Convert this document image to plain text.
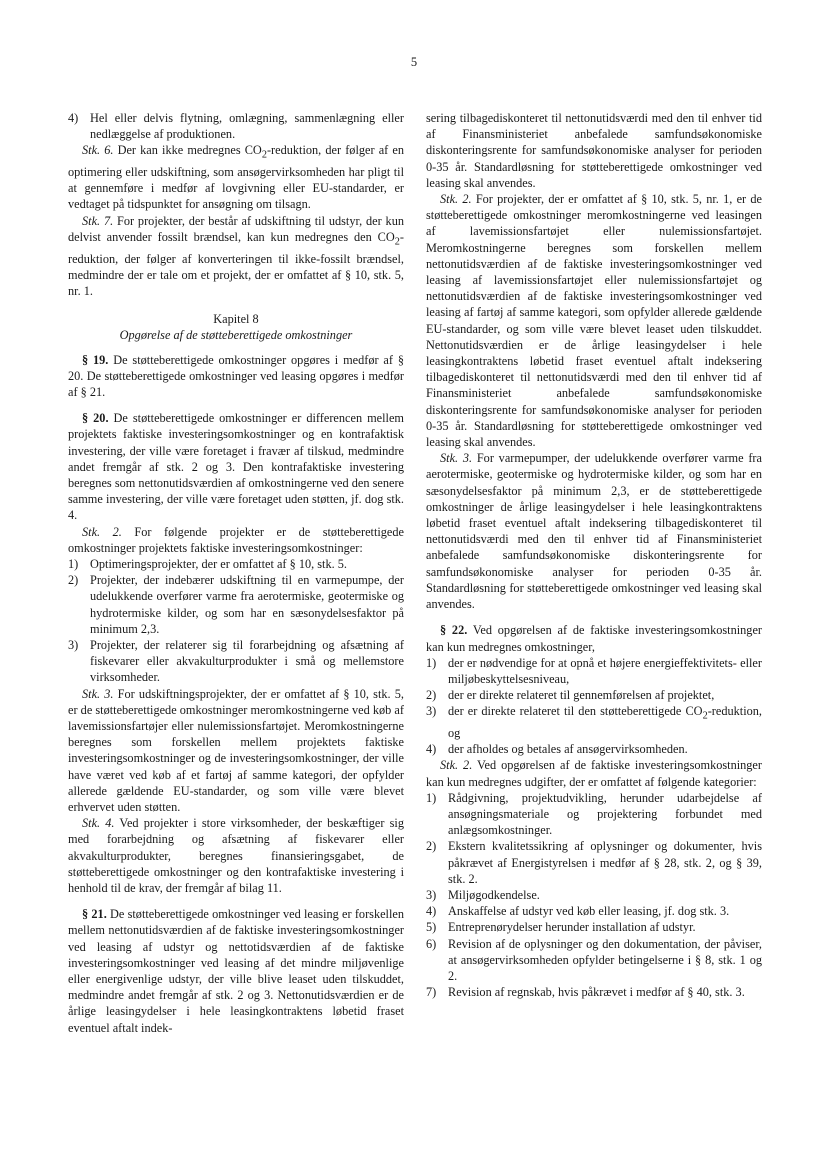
5
4) Hel eller delvis flytning, omlægning, sammenlægning eller nedlæggelse af produktionen.

Stk. 6. Der kan ikke medregnes $CO_2$-reduktion, der følger af en optimering eller udskiftning, som ansøgervirksomheden har pligt til at gennemføre i medfør af lovgivning eller EU-standarder, er vedtaget på tidspunktet for ansøgning om tilsagn.

Stk. 7. For projekter, der består af udskiftning til udstyr, der kun delvist anvender fossilt brændsel, kan kun medregnes den $CO_2$-reduktion, der følger af konverteringen til ikke-fossilt brændsel, medmindre der er tale om et projekt, der er omfattet af § 10, stk. 5, nr. 1.

Kapitel 8
Opgørelse af de støtteberettigede omkostninger

§ 19. De støtteberettigede omkostninger opgøres i medfør af § 20. De støtteberettigede omkostninger ved leasing opgøres i medfør af § 21.

§ 20. De støtteberettigede omkostninger er differencen mellem projektets faktiske investeringsomkostninger og en kontrafaktisk investering, der ville være foretaget i fravær af tilskud, medmindre andet fremgår af stk. 2 og 3. Den kontrafaktiske investering beregnes som nettonutidsværdien af omkostningerne ved den senere samme investering, der ville være foretaget uden støtten, jf. dog stk. 4.

Stk. 2. For følgende projekter er de støtteberettigede omkostninger projektets faktiske investeringsomkostninger:

1) Optimeringsprojekter, der er omfattet af § 10, stk. 5.
2) Projekter, der indebærer udskiftning til en varmepumpe, der udelukkende overfører varme fra aerotermiske, geotermiske og hydrotermiske kilder, og som har en sæsonydelsesfaktor på minimum 2,3.
3) Projekter, der relaterer sig til forarbejdning og afsætning af fiskevarer eller akvakulturprodukter i små og mellemstore virksomheder.

Stk. 3. For udskiftningsprojekter, der er omfattet af § 10, stk. 5, er de støtteberettigede omkostninger meromkostningerne ved køb af lavemissionsfartøjer eller nulemissionsfartøjet. Meromkostningerne beregnes som forskellen mellem projektets faktiske investeringsomkostninger og de investeringsomkostninger, der ville have været ved køb af et fartøj af samme kategori, der opfylder allerede gældende EU-standarder, og som ville være blevet erhvervet uden støtten.

Stk. 4. Ved projekter i store virksomheder, der beskæftiger sig med forarbejdning og afsætning af fiskevarer eller akvakulturprodukter, beregnes finansieringsgabet, de støtteberettigede omkostninger og den kontrafaktiske investering i henhold til de krav, der fremgår af bilag 11.

§ 21. De støtteberettigede omkostninger ved leasing er forskellen mellem nettonutidsværdien af de faktiske investeringsomkostninger ved leasing af udstyr og nettotidsværdien af de faktiske investeringsomkostninger ved leasing af det mindre miljøvenlige eller energivenlige udstyr, der ville blive leaset uden tilskuddet, medmindre andet fremgår af stk. 2 og 3. Nettonutidsværdien er de årlige leasingydelser i hele leasingkontraktens løbetid fraset eventuel aftalt indek-

sering tilbagediskonteret til nettonutidsværdi med den til enhver tid af Finansministeriet anbefalede samfundsøkonomiske diskonteringsrente for samfundsøkonomiske analyser for perioden 0-35 år. Standardløsning for støtteberettigede omkostninger ved leasing skal anvendes.

Stk. 2. For projekter, der er omfattet af § 10, stk. 5, nr. 1, er de støtteberettigede omkostninger meromkostningerne ved leasingen af lavemissionsfartøjet eller nulemissionsfartøjet. Meromkostningerne beregnes som forskellen mellem nettonutidsværdien af de faktiske investeringsomkostninger ved leasing af lavemissionsfartøjet eller nulemissionsfartøjet og nettonutidsværdien af de faktiske investeringsomkostninger ved leasing af fartøj af samme kategori, som opfylder allerede gældende EU-standarder, og som ville være blevet leaset uden tilskuddet. Nettonutidsværdien er de årlige leasingydelser i hele leasingkontraktens løbetid fraset eventuel aftalt indeksering tilbagediskonteret til nettonutidsværdi med den til enhver tid af Finansministeriet anbefalede samfundsøkonomiske diskonteringsrente for samfundsøkonomiske analyser for perioden 0-35 år. Standardløsning for støtteberettigede omkostninger ved leasing skal anvendes.

Stk. 3. For varmepumper, der udelukkende overfører varme fra aerotermiske, geotermiske og hydrotermiske kilder, og som har en sæsonydelsesfaktor på minimum 2,3, er de støtteberettigede omkostninger de årlige leasingydelser i hele leasingkontraktens løbetid fraset eventuel aftalt indeksering tilbagediskonteret til nettonutidsværdi med den til enhver tid af Finansministeriet anbefalede samfundsøkonomiske diskonteringsrente for samfundsøkonomiske analyser for perioden 0-35 år. Standardløsning for støtteberettigede omkostninger ved leasing skal anvendes.

§ 22. Ved opgørelsen af de faktiske investeringsomkostninger kan kun medregnes omkostninger,

1) der er nødvendige for at opnå et højere energieffektivitets- eller miljøbeskyttelsesniveau,
2) der er direkte relateret til gennemførelsen af projektet,
3) der er direkte relateret til den støtteberettigede $CO_2$-reduktion, og
4) der afholdes og betales af ansøgervirksomheden.

Stk. 2. Ved opgørelsen af de faktiske investeringsomkostninger kan kun medregnes udgifter, der er omfattet af følgende kategorier:

1) Rådgivning, projektudvikling, herunder udarbejdelse af ansøgningsmateriale og projektering forbundet med anlægsomkostninger.
2) Ekstern kvalitetssikring af oplysninger og dokumenter, hvis påkrævet af Energistyrelsen i medfør af § 28, stk. 2, og § 39, stk. 2.
3) Miljøgodkendelse.
4) Anskaffelse af udstyr ved køb eller leasing, jf. dog stk. 3.
5) Entreprenørydelser herunder installation af udstyr.
6) Revision af de oplysninger og den dokumentation, der påviser, at ansøgervirksomheden opfylder betingelserne i § 8, stk. 1 og 2.
7) Revision af regnskab, hvis påkrævet i medfør af § 40, stk. 3.
